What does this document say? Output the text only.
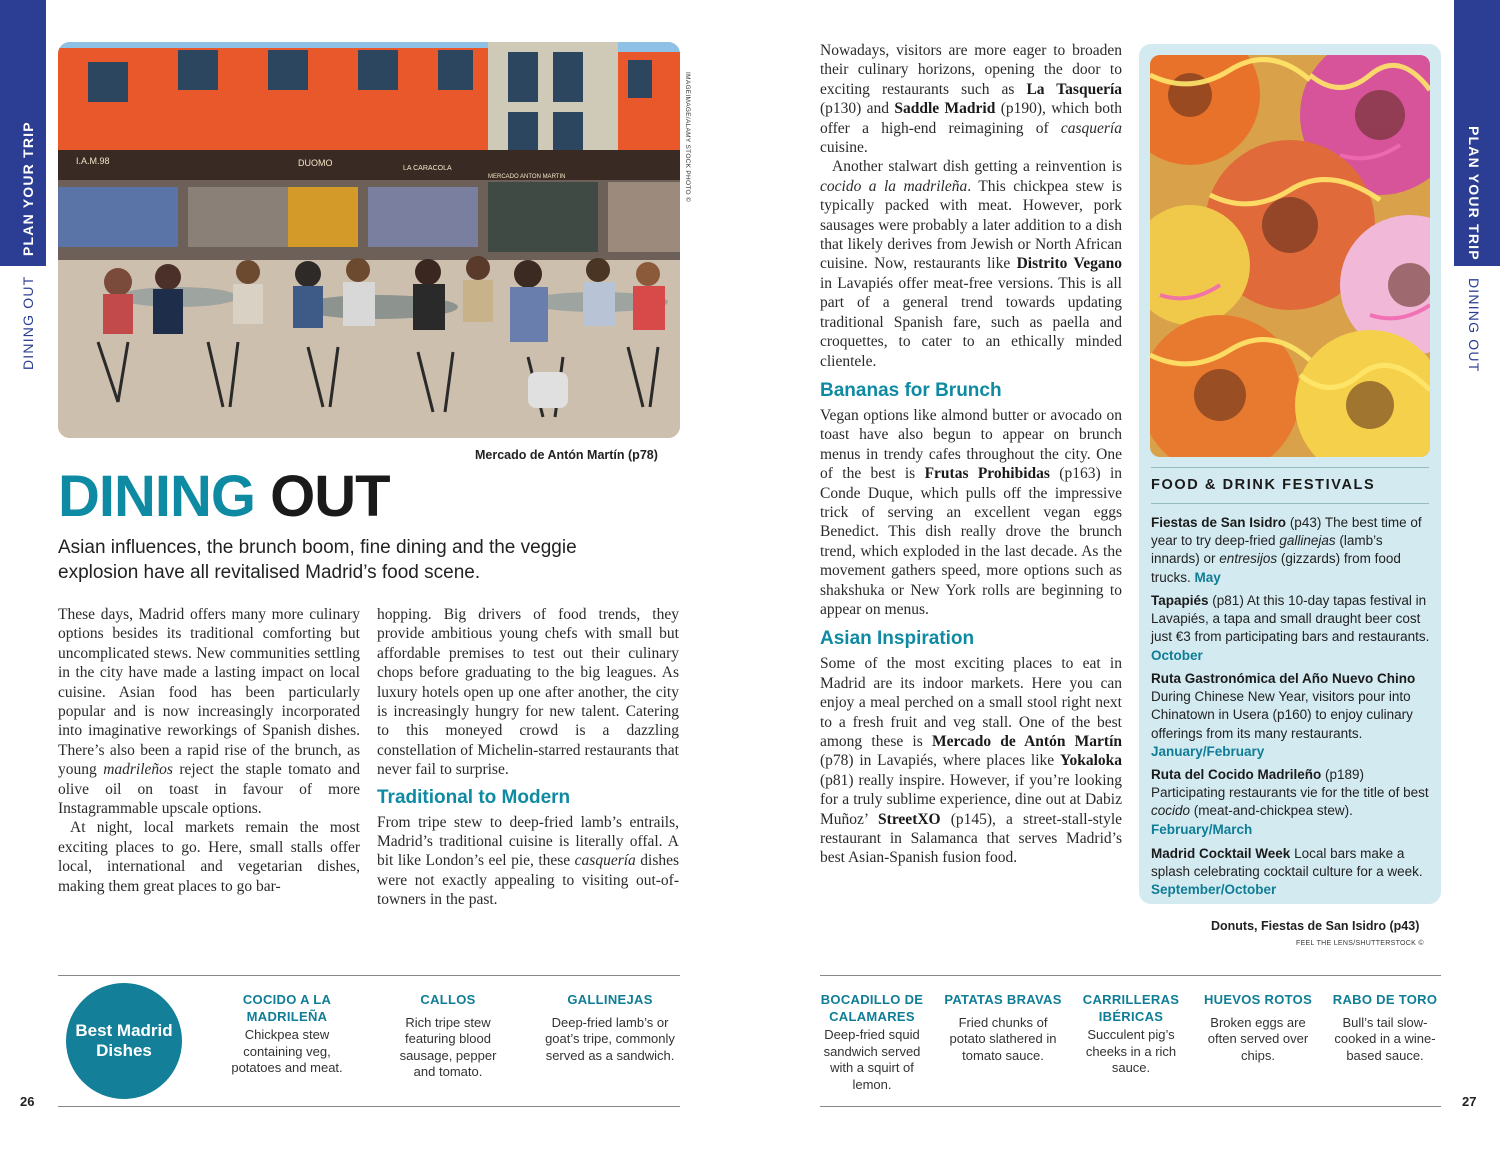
PLAN YOUR TRIP
DINING OUT
PLAN YOUR TRIP
DINING OUT
I.A.M.98	DUOMO
LA CARACOLA
MERCADO ANTON MARTIN	IMAGEIMAGE/ALAMY STOCK PHOTO ©
Mercado de Antón Martín (p78)
DINING OUT
Asian influences, the brunch boom, fine dining and the veggie explosion have all revitalised Madrid’s food scene.

These days, Madrid offers many more culinary options besides its traditional comforting but uncomplicated stews. New communities settling in the city have made a lasting impact on local cuisine. Asian food has been particularly popular and is now increasingly incorporated into imaginative reworkings of Spanish dishes. There’s also been a rapid rise of the brunch, as young madrileños reject the staple tomato and olive oil on toast in favour of more Instagrammable upscale options.

At night, local markets remain the most exciting places to go. Here, small stalls offer local, international and vegetarian dishes, making them great places to go bar-

hopping. Big drivers of food trends, they provide ambitious young chefs with small but affordable premises to test out their culinary chops before graduating to the big leagues. As luxury hotels open up one after another, the city is increasingly hungry for new talent. Catering to this moneyed crowd is a dazzling constellation of Michelin-starred restaurants that never fail to surprise.

Traditional to Modern

From tripe stew to deep-fried lamb’s entrails, Madrid’s traditional cuisine is literally offal. A bit like London’s eel pie, these casquería dishes were not exactly appealing to visiting out-of-towners in the past.

Nowadays, visitors are more eager to broaden their culinary horizons, opening the door to exciting restaurants such as La Tasquería (p130) and Saddle Madrid (p190), which both offer a high-end reimagining of casquería cuisine.

Another stalwart dish getting a reinvention is cocido a la madrileña. This chickpea stew is typically packed with meat. However, pork sausages were probably a later addition to a dish that likely derives from Jewish or North African cuisine. Now, restaurants like Distrito Vegano in Lavapiés offer meat-free versions. This is all part of a general trend towards updating traditional Spanish fare, such as paella and croquettes, to cater to an ethically minded clientele.

Bananas for Brunch

Vegan options like almond butter or avocado on toast have also begun to appear on brunch menus in trendy cafes throughout the city. One of the best is Frutas Prohibidas (p163) in Conde Duque, which pulls off the impressive trick of serving an excellent vegan eggs Benedict. This dish really drove the brunch trend, which exploded in the last decade. As the movement gathers speed, more options such as shakshuka or New York rolls are beginning to appear on menus.

Asian Inspiration

Some of the most exciting places to eat in Madrid are its indoor markets. Here you can enjoy a meal perched on a small stool right next to a fresh fruit and veg stall. One of the best among these is Mercado de Antón Martín (p78) in Lavapiés, where places like Yokaloka (p81) really inspire. However, if you’re looking for a truly sublime experience, dine out at Dabiz Muñoz’ StreetXO (p145), a street-stall-style restaurant in Salamanca that serves Madrid’s best Asian-Spanish fusion food.

FOOD & DRINK FESTIVALS
Fiestas de San Isidro (p43) The best time of year to try deep-fried gallinejas (lamb’s innards) or entresijos (gizzards) from food trucks. May
Tapapiés (p81) At this 10-day tapas festival in Lavapiés, a tapa and small draught beer cost just €3 from participating bars and restaurants. October
Ruta Gastronómica del Año Nuevo Chino During Chinese New Year, visitors pour into Chinatown in Usera (p160) to enjoy culinary offerings from its many restaurants. January/February
Ruta del Cocido Madrileño (p189) Participating restaurants vie for the title of best cocido (meat-and-chickpea stew). February/March
Madrid Cocktail Week Local bars make a splash celebrating cocktail culture for a week. September/October
Donuts, Fiestas de San Isidro (p43)
FEEL THE LENS/SHUTTERSTOCK ©
Best Madrid Dishes
COCIDO A LA MADRILEÑA
Chickpea stew containing veg, potatoes and meat.
CALLOS
Rich tripe stew featuring blood sausage, pepper and tomato.
GALLINEJAS
Deep-fried lamb’s or goat’s tripe, commonly served as a sandwich.
BOCADILLO DE CALAMARES
Deep-fried squid sandwich served with a squirt of lemon.
PATATAS BRAVAS
Fried chunks of potato slathered in tomato sauce.
CARRILLERAS IBÉRICAS
Succulent pig’s cheeks in a rich sauce.
HUEVOS ROTOS
Broken eggs are often served over chips.
RABO DE TORO
Bull’s tail slow-cooked in a wine-based sauce.
26	27
